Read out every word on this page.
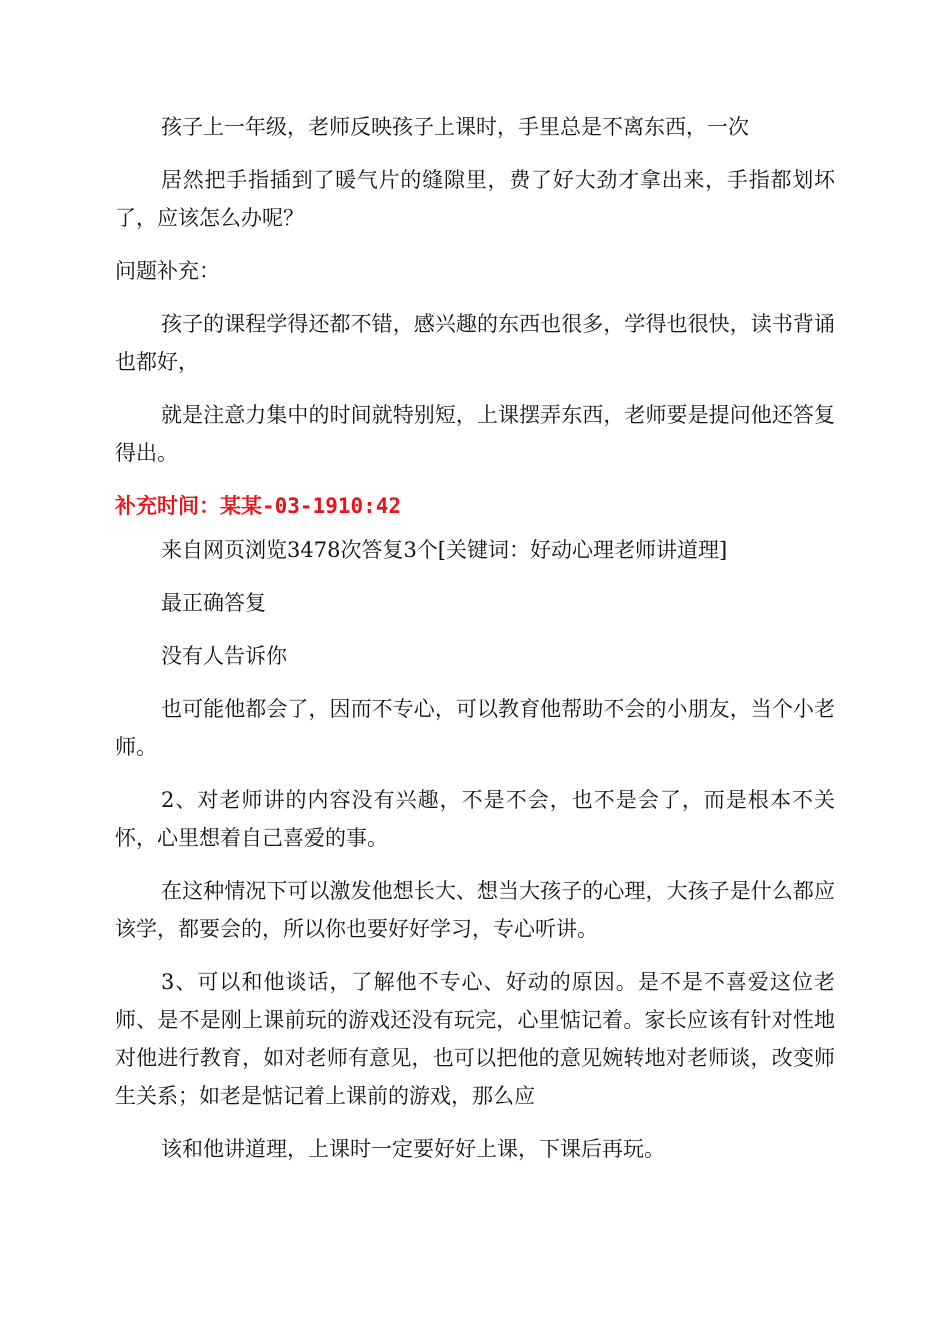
孩子上一年级，老师反映孩子上课时，手里总是不离东西，一次

居然把手指插到了暖气片的缝隙里，费了好大劲才拿出来，手指都划坏了，应该怎么办呢？

问题补充：

孩子的课程学得还都不错，感兴趣的东西也很多，学得也很快，读书背诵也都好，

就是注意力集中的时间就特别短，上课摆弄东西，老师要是提问他还答复得出。

补充时间：某某-03-1910:42

来自网页浏览3478次答复3个[关键词：好动心理老师讲道理]

最正确答复

没有人告诉你

也可能他都会了，因而不专心，可以教育他帮助不会的小朋友，当个小老师。

2、对老师讲的内容没有兴趣，不是不会，也不是会了，而是根本不关怀，心里想着自己喜爱的事。

在这种情况下可以激发他想长大、想当大孩子的心理，大孩子是什么都应该学，都要会的，所以你也要好好学习，专心听讲。

3、可以和他谈话，了解他不专心、好动的原因。是不是不喜爱这位老师、是不是刚上课前玩的游戏还没有玩完，心里惦记着。家长应该有针对性地对他进行教育，如对老师有意见，也可以把他的意见婉转地对老师谈，改变师生关系；如老是惦记着上课前的游戏，那么应

该和他讲道理，上课时一定要好好上课，下课后再玩。
